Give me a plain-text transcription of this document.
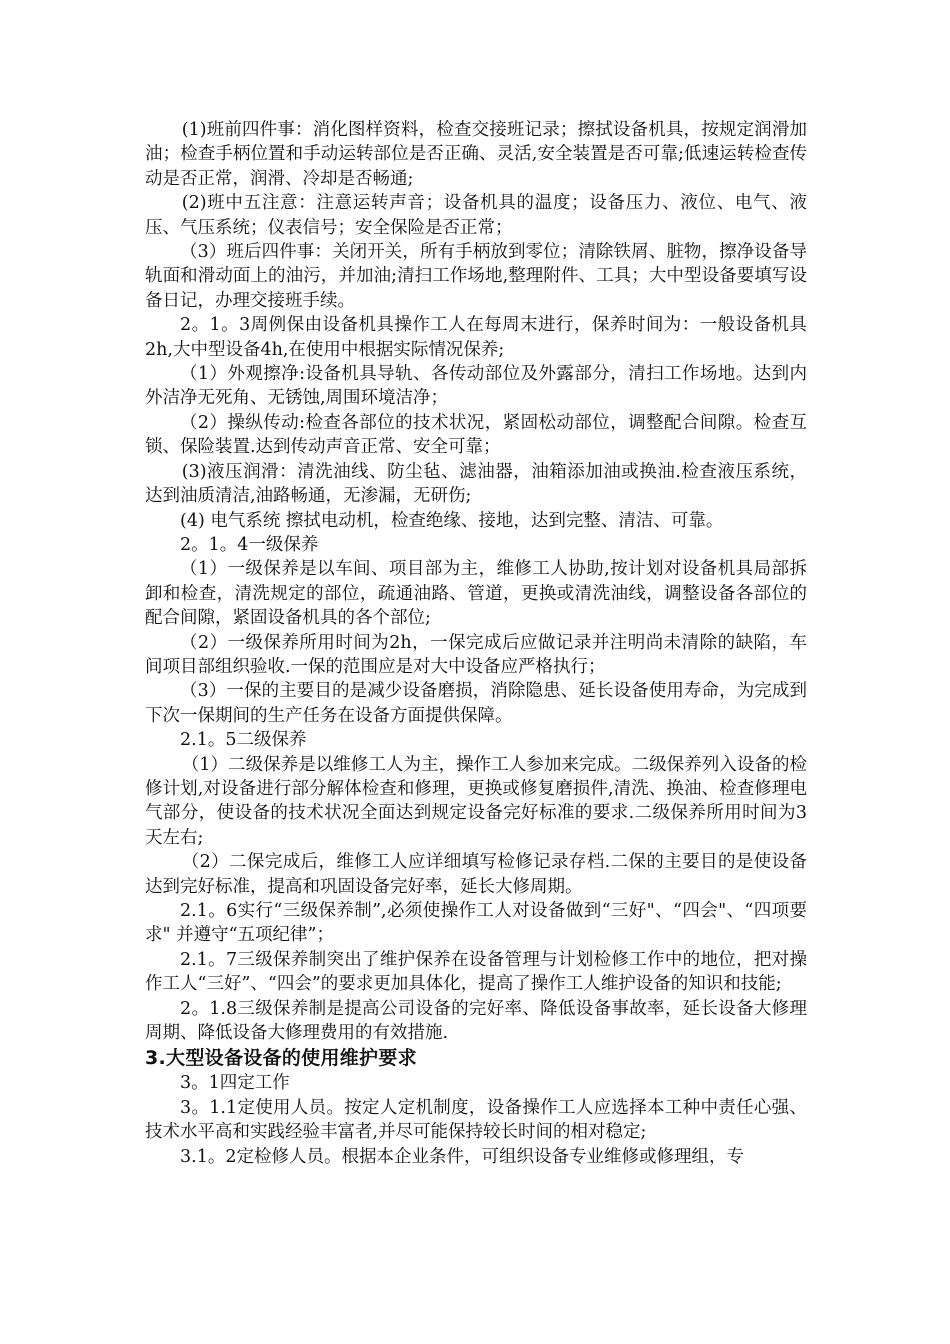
(1)班前四件事：消化图样资料，检查交接班记录；擦拭设备机具，按规定润滑加油；检查手柄位置和手动运转部位是否正确、灵活,安全装置是否可靠;低速运转检查传动是否正常，润滑、冷却是否畅通;

(2)班中五注意：注意运转声音；设备机具的温度；设备压力、液位、电气、液压、气压系统；仪表信号；安全保险是否正常；

（3）班后四件事：关闭开关，所有手柄放到零位；清除铁屑、脏物，擦净设备导轨面和滑动面上的油污，并加油;清扫工作场地,整理附件、工具；大中型设备要填写设备日记，办理交接班手续。

2。1。3周例保由设备机具操作工人在每周末进行，保养时间为：一般设备机具2h,大中型设备4h,在使用中根据实际情况保养;

（1）外观擦净:设备机具导轨、各传动部位及外露部分，清扫工作场地。达到内外洁净无死角、无锈蚀,周围环境洁净；

（2）操纵传动:检查各部位的技术状况，紧固松动部位，调整配合间隙。检查互锁、保险装置.达到传动声音正常、安全可靠；

(3)液压润滑：清洗油线、防尘毡、滤油器，油箱添加油或换油.检查液压系统，达到油质清洁,油路畅通，无渗漏，无研伤;

(4) 电气系统 擦拭电动机，检查绝缘、接地，达到完整、清洁、可靠。

2。1。4一级保养

（1）一级保养是以车间、项目部为主，维修工人协助,按计划对设备机具局部拆卸和检查，清洗规定的部位，疏通油路、管道，更换或清洗油线，调整设备各部位的配合间隙，紧固设备机具的各个部位;

（2）一级保养所用时间为2h，一保完成后应做记录并注明尚未清除的缺陷，车间项目部组织验收.一保的范围应是对大中设备应严格执行；

（3）一保的主要目的是减少设备磨损，消除隐患、延长设备使用寿命，为完成到下次一保期间的生产任务在设备方面提供保障。

2.1。5二级保养

（1）二级保养是以维修工人为主，操作工人参加来完成。二级保养列入设备的检修计划,对设备进行部分解体检查和修理，更换或修复磨损件,清洗、换油、检查修理电气部分，使设备的技术状况全面达到规定设备完好标准的要求.二级保养所用时间为3天左右;

（2）二保完成后，维修工人应详细填写检修记录存档.二保的主要目的是使设备达到完好标准，提高和巩固设备完好率，延长大修周期。

2.1。6实行“三级保养制”,必须使操作工人对设备做到“三好"、“四会"、“四项要求" 并遵守“五项纪律”；

2.1。7三级保养制突出了维护保养在设备管理与计划检修工作中的地位，把对操作工人“三好”、“四会”的要求更加具体化，提高了操作工人维护设备的知识和技能;

2。1.8三级保养制是提高公司设备的完好率、降低设备事故率，延长设备大修理周期、降低设备大修理费用的有效措施.

3.大型设备设备的使用维护要求

3。1四定工作

3。1.1定使用人员。按定人定机制度，设备操作工人应选择本工种中责任心强、技术水平高和实践经验丰富者,并尽可能保持较长时间的相对稳定;

3.1。2定检修人员。根据本企业条件，可组织设备专业维修或修理组，专
